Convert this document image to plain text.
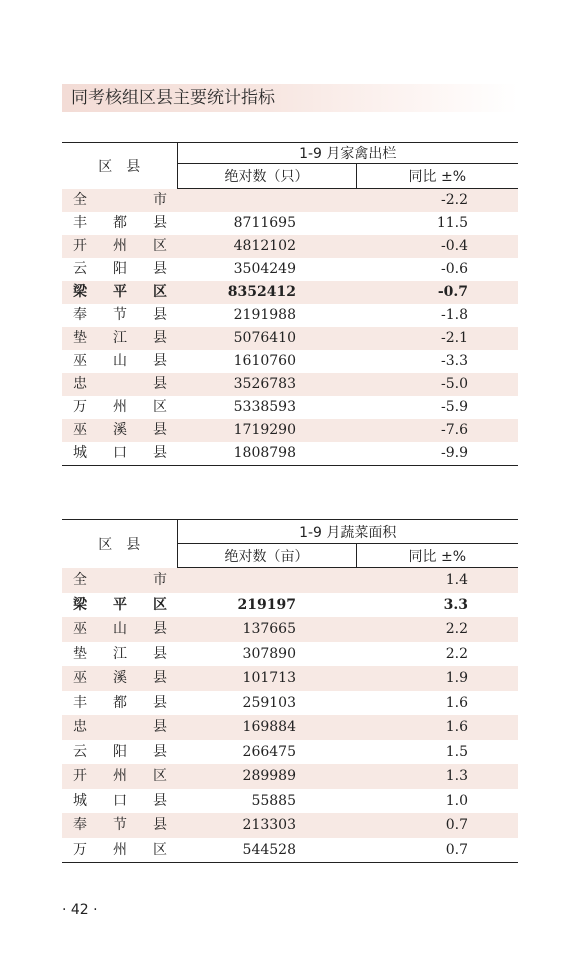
同考核组区县主要统计指标
区县	1-9 月家禽出栏	
	绝对数（只）	同比 ±%

全 市		-2.2

丰 都 县	8711695	11.5

开 州 区	4812102	-0.4

云 阳 县	3504249	-0.6

梁 平 区	8352412	-0.7

奉 节 县	2191988	-1.8

垫 江 县	5076410	-2.1

巫 山 县	1610760	-3.3

忠 县	3526783	-5.0

万 州 区	5338593	-5.9

巫 溪 县	1719290	-7.6

城 口 县	1808798	-9.9
区县	1-9 月蔬菜面积	
	绝对数（亩）	同比 ±%

全 市		1.4

梁 平 区	219197	3.3

巫 山 县	137665	2.2

垫 江 县	307890	2.2

巫 溪 县	101713	1.9

丰 都 县	259103	1.6

忠 县	169884	1.6

云 阳 县	266475	1.5

开 州 区	289989	1.3

城 口 县	55885	1.0

奉 节 县	213303	0.7

万 州 区	544528	0.7
· 42 ·
